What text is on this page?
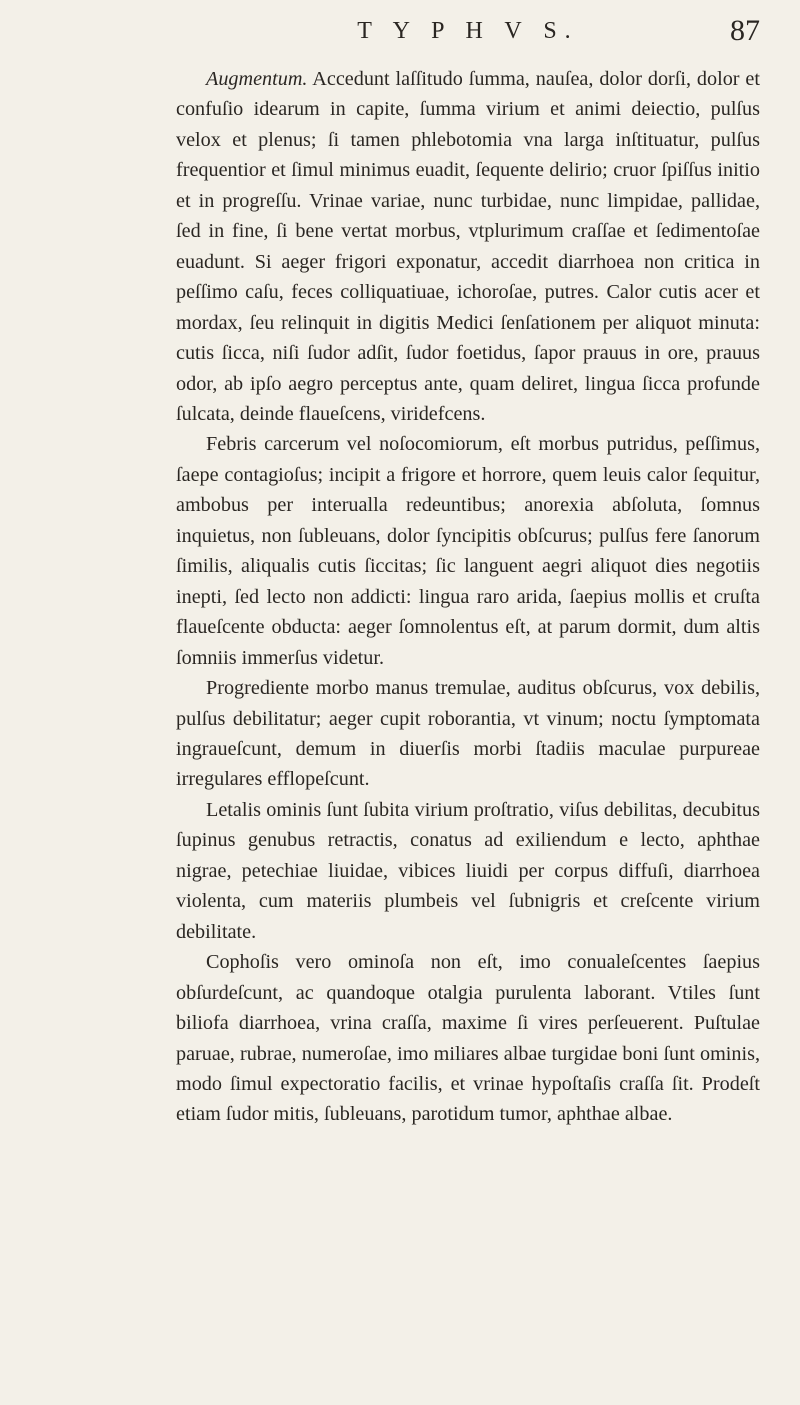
T Y P H V S.	87

Augmentum. Accedunt laſſitudo ſumma, nauſea, dolor dorſi, dolor et confuſio idearum in capite, ſumma virium et animi deiectio, pulſus velox et plenus; ſi tamen phlebotomia vna larga inſtituatur, pulſus frequentior et ſimul minimus euadit, ſequente delirio; cruor ſpiſſus initio et in progreſſu. Vrinae variae, nunc turbidae, nunc limpidae, pallidae, ſed in fine, ſi bene vertat morbus, vtplurimum craſſae et ſedimentoſae euadunt. Si aeger frigori exponatur, accedit diarrhoea non critica in peſſimo caſu, feces colliquatiuae, ichoroſae, putres. Calor cutis acer et mordax, ſeu relinquit in digitis Medici ſenſationem per aliquot minuta: cutis ſicca, niſi ſudor adſit, ſudor foetidus, ſapor prauus in ore, prauus odor, ab ipſo aegro perceptus ante, quam deliret, lingua ſicca profunde ſulcata, deinde flaueſcens, viridefcens.

Febris carcerum vel noſocomiorum, eſt morbus putridus, peſſimus, ſaepe contagioſus; incipit a frigore et horrore, quem leuis calor ſequitur, ambobus per interualla redeuntibus; anorexia abſoluta, ſomnus inquietus, non ſubleuans, dolor ſyncipitis obſcurus; pulſus fere ſanorum ſimilis, aliqualis cutis ſiccitas; ſic languent aegri aliquot dies negotiis inepti, ſed lecto non addicti: lingua raro arida, ſaepius mollis et cruſta flaueſcente obducta: aeger ſomnolentus eſt, at parum dormit, dum altis ſomniis immerſus videtur.

Progrediente morbo manus tremulae, auditus obſcurus, vox debilis, pulſus debilitatur; aeger cupit roborantia, vt vinum; noctu ſymptomata ingraueſcunt, demum in diuerſis morbi ſtadiis maculae purpureae irregulares efflореſcunt.

Letalis ominis ſunt ſubita virium proſtratio, viſus debilitas, decubitus ſupinus genubus retractis, conatus ad exiliendum e lecto, aphthae nigrae, petechiae liuidae, vibices liuidi per corpus diffuſi, diarrhoea violenta, cum materiis plumbeis vel ſubnigris et creſcente virium debilitate.

Cophoſis vero ominoſa non eſt, imo conualeſcentes ſaepius obſurdeſcunt, ac quandoque otalgia purulenta laborant. Vtiles ſunt biliofa diarrhoea, vrina craſſa, maxime ſi vires perſeuerent. Puſtulae paruae, rubrae, numeroſae, imo miliares albae turgidae boni ſunt ominis, modo ſimul expectoratio facilis, et vrinae hypoſtaſis craſſa ſit. Prodeſt etiam ſudor mitis, ſubleuans, parotidum tumor, aphthae albae.
